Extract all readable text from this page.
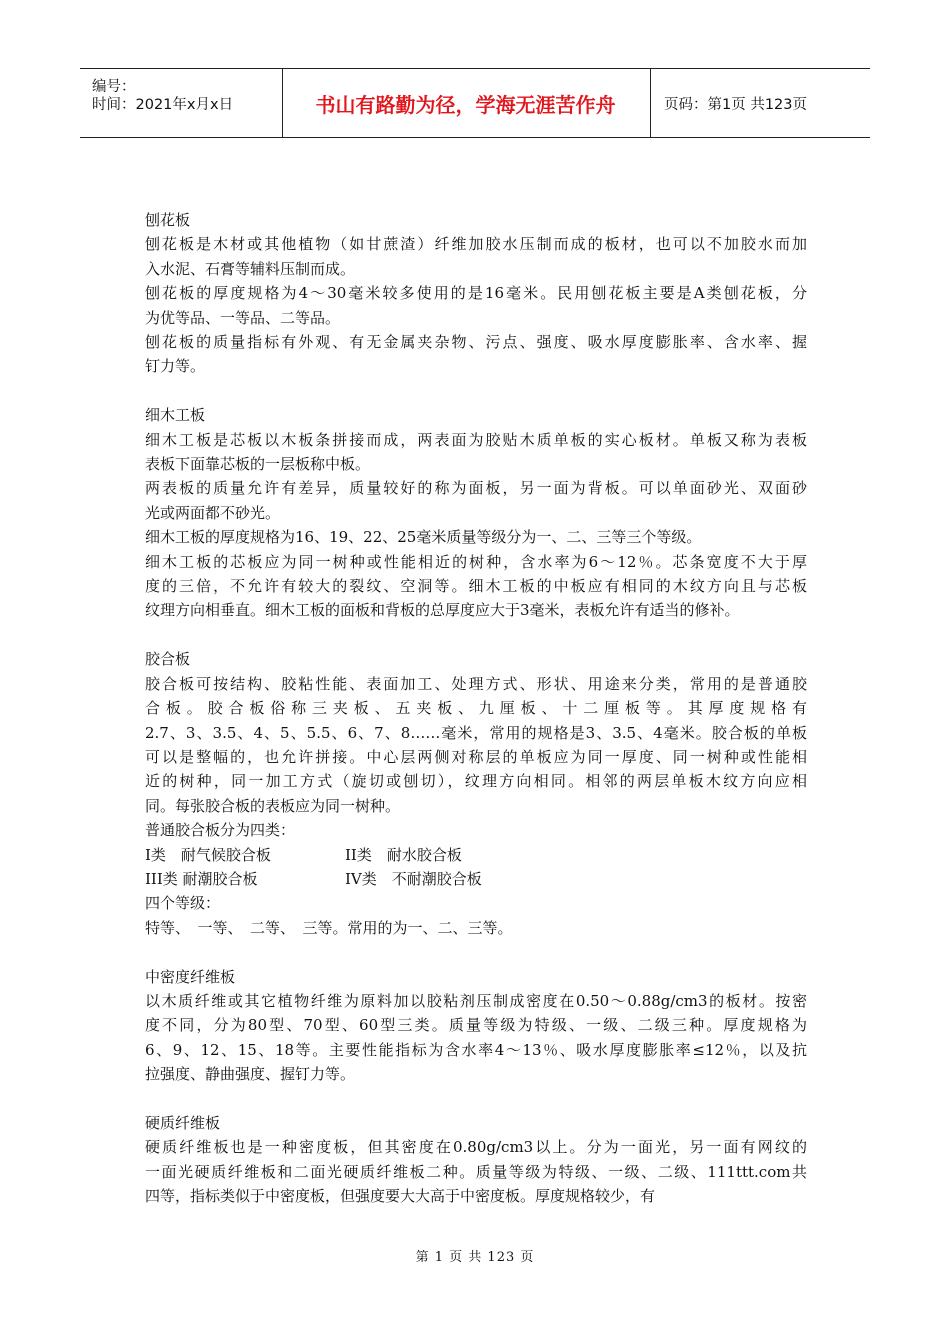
编号：
时间：2021年x月x日	书山有路勤为径，学海无涯苦作舟	页码：第1页 共123页
刨花板
刨花板是木材或其他植物（如甘蔗渣）纤维加胶水压制而成的板材，也可以不加胶水而加
入水泥、石膏等辅料压制而成。
刨花板的厚度规格为4～30毫米较多使用的是16毫米。民用刨花板主要是A类刨花板，分
为优等品、一等品、二等品。
刨花板的质量指标有外观、有无金属夹杂物、污点、强度、吸水厚度膨胀率、含水率、握
钉力等。
细木工板
细木工板是芯板以木板条拼接而成，两表面为胶贴木质单板的实心板材。单板又称为表板
表板下面靠芯板的一层板称中板。
两表板的质量允许有差异，质量较好的称为面板，另一面为背板。可以单面砂光、双面砂
光或两面都不砂光。
细木工板的厚度规格为16、19、22、25毫米质量等级分为一、二、三等三个等级。
细木工板的芯板应为同一树种或性能相近的树种，含水率为6～12％。芯条宽度不大于厚
度的三倍，不允许有较大的裂纹、空洞等。细木工板的中板应有相同的木纹方向且与芯板
纹理方向相垂直。细木工板的面板和背板的总厚度应大于3毫米，表板允许有适当的修补。
胶合板
胶合板可按结构、胶粘性能、表面加工、处理方式、形状、用途来分类，常用的是普通胶
合板。胶合板俗称三夹板、五夹板、九厘板、十二厘板等。其厚度规格有
2.7、3、3.5、4、5、5.5、6、7、8……毫米，常用的规格是3、3.5、4毫米。胶合板的单板
可以是整幅的，也允许拼接。中心层两侧对称层的单板应为同一厚度、同一树种或性能相
近的树种，同一加工方式（旋切或刨切），纹理方向相同。相邻的两层单板木纹方向应相
同。每张胶合板的表板应为同一树种。
普通胶合板分为四类：
I类　耐气候胶合板	II类　耐水胶合板
III类 耐潮胶合板	IV类　不耐潮胶合板
四个等级：
特等、　一等、　二等、　三等。常用的为一、二、三等。
中密度纤维板
以木质纤维或其它植物纤维为原料加以胶粘剂压制成密度在0.50～0.88g/cm3的板材。按密
度不同，分为80型、70型、60型三类。质量等级为特级、一级、二级三种。厚度规格为
6、9、12、15、18等。主要性能指标为含水率4～13％、吸水厚度膨胀率≤12％，以及抗
拉强度、静曲强度、握钉力等。
硬质纤维板
硬质纤维板也是一种密度板，但其密度在0.80g/cm3以上。分为一面光，另一面有网纹的
一面光硬质纤维板和二面光硬质纤维板二种。质量等级为特级、一级、二级、111ttt.com共
四等，指标类似于中密度板，但强度要大大高于中密度板。厚度规格较少，有
第 1 页 共 123 页
